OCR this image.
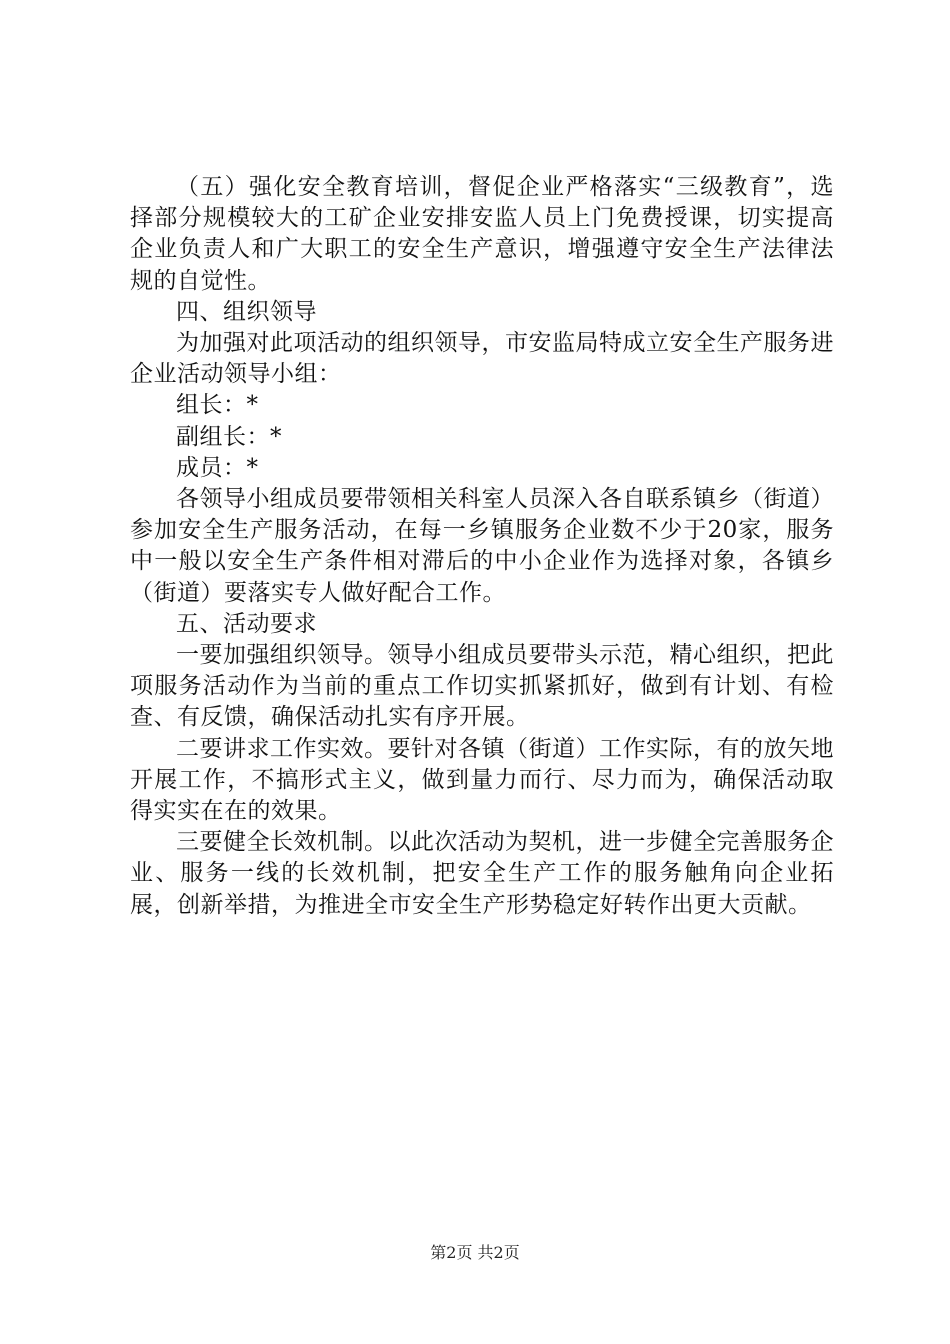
（五）强化安全教育培训，督促企业严格落实“三级教育”，选择部分规模较大的工矿企业安排安监人员上门免费授课，切实提高企业负责人和广大职工的安全生产意识，增强遵守安全生产法律法规的自觉性。

四、组织领导

为加强对此项活动的组织领导，市安监局特成立安全生产服务进企业活动领导小组：

组长：*

副组长：*

成员：*

各领导小组成员要带领相关科室人员深入各自联系镇乡（街道）参加安全生产服务活动，在每一乡镇服务企业数不少于20家，服务中一般以安全生产条件相对滞后的中小企业作为选择对象，各镇乡（街道）要落实专人做好配合工作。

五、活动要求

一要加强组织领导。领导小组成员要带头示范，精心组织，把此项服务活动作为当前的重点工作切实抓紧抓好，做到有计划、有检查、有反馈，确保活动扎实有序开展。

二要讲求工作实效。要针对各镇（街道）工作实际，有的放矢地开展工作，不搞形式主义，做到量力而行、尽力而为，确保活动取得实实在在的效果。

三要健全长效机制。以此次活动为契机，进一步健全完善服务企业、服务一线的长效机制，把安全生产工作的服务触角向企业拓展，创新举措，为推进全市安全生产形势稳定好转作出更大贡献。

第2页 共2页
